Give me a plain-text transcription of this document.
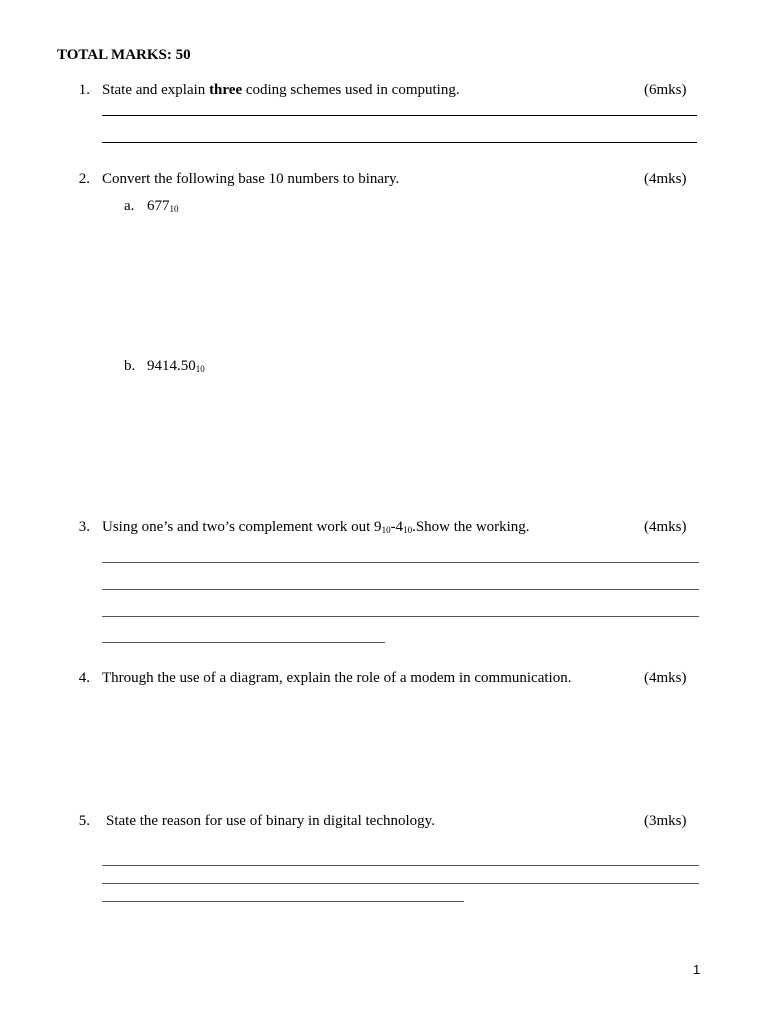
TOTAL MARKS: 50
1. State and explain three coding schemes used in computing.	(6mks)
2. Convert the following base 10 numbers to binary.	(4mks)
a. $677_{10}$
b. $9414.50_{10}$
3. Using one’s and two’s complement work out $9_{10}-4_{10}.Show$ the working.	(4mks)
4. Through the use of a diagram, explain the role of a modem in communication.	(4mks)
5. State the reason for use of binary in digital technology.	(3mks)
1
